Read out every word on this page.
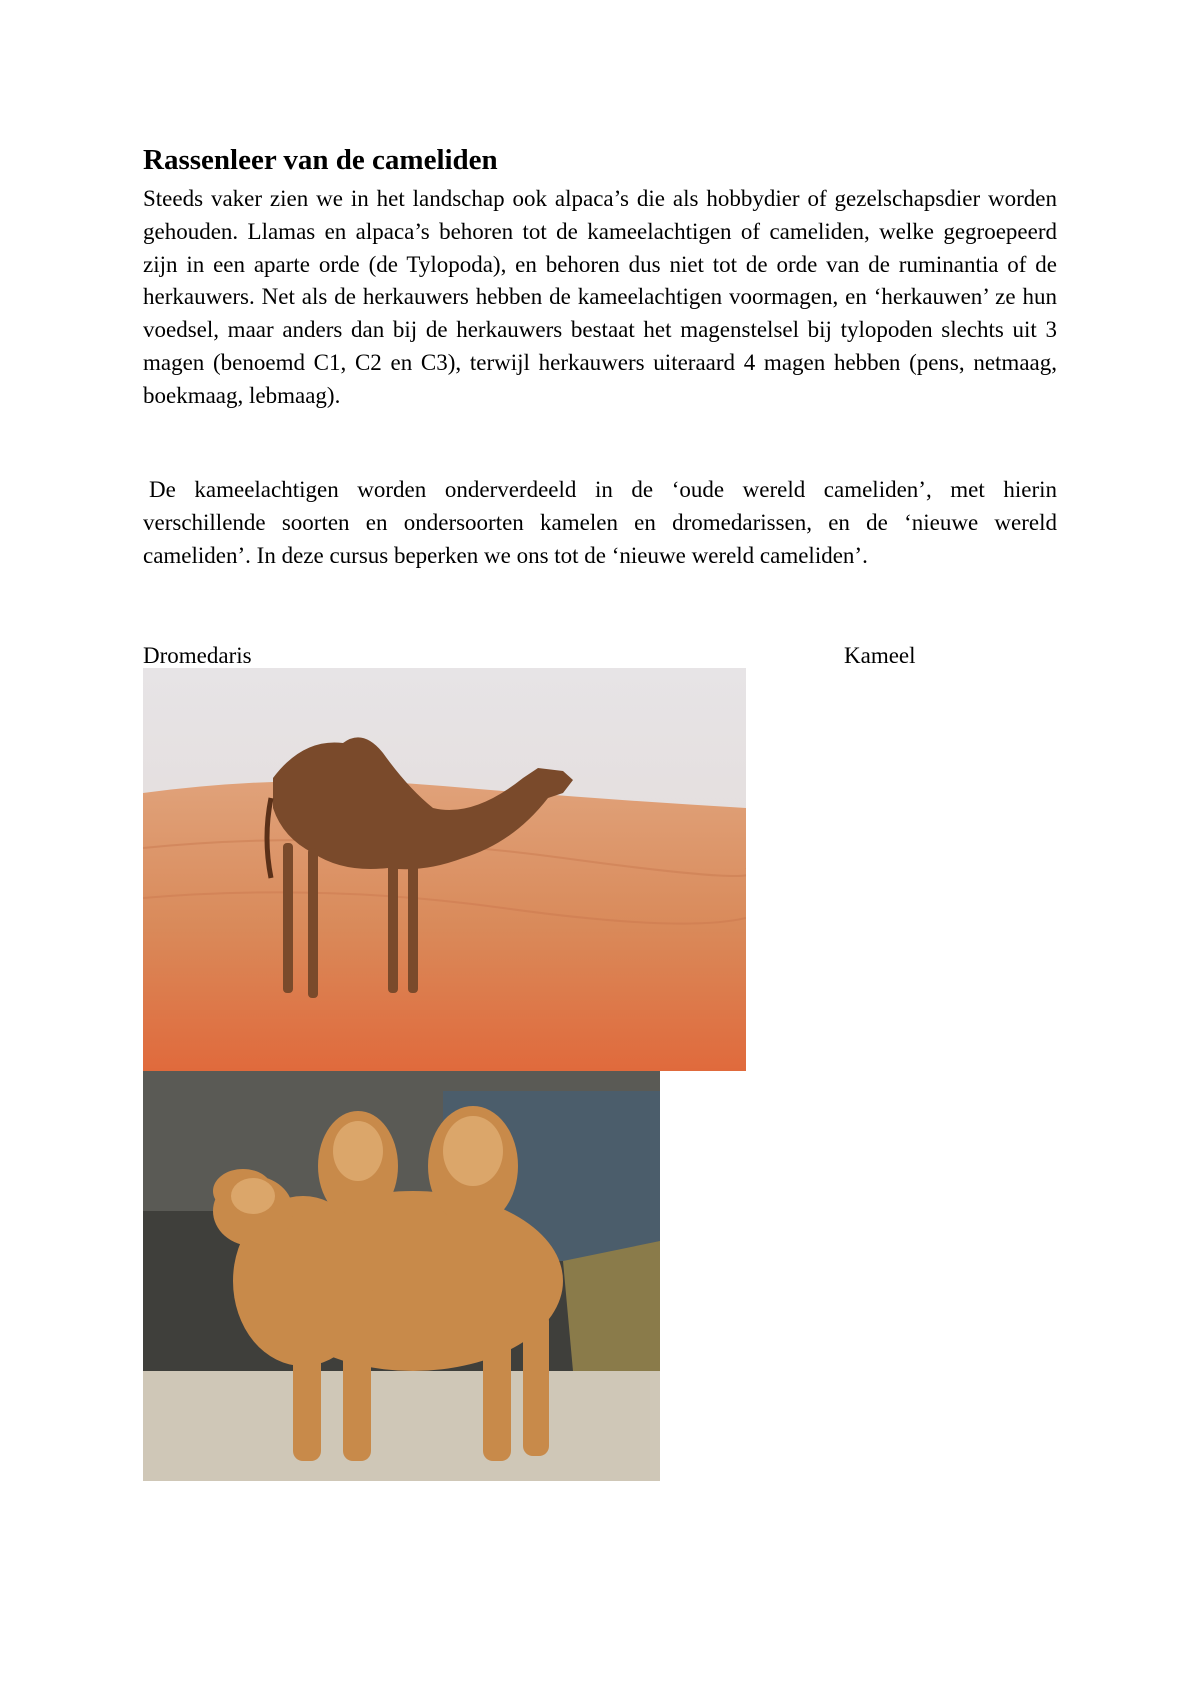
Rassenleer van de cameliden
Steeds vaker zien we in het landschap ook alpaca’s die als hobbydier of gezelschapsdier worden gehouden. Llamas en alpaca’s behoren tot de kameelachtigen of cameliden, welke gegroepeerd zijn in een aparte orde (de Tylopoda), en behoren dus niet tot de orde van de ruminantia of de herkauwers. Net als de herkauwers hebben de kameelachtigen voormagen, en ‘herkauwen’ ze hun voedsel, maar anders dan bij de herkauwers bestaat het magenstelsel bij tylopoden slechts uit 3 magen (benoemd C1, C2 en C3), terwijl herkauwers uiteraard 4 magen hebben (pens, netmaag, boekmaag, lebmaag).
De kameelachtigen worden onderverdeeld in de ‘oude wereld cameliden’, met hierin verschillende soorten en ondersoorten kamelen en dromedarissen, en de ‘nieuwe wereld cameliden’. In deze cursus beperken we ons tot de ‘nieuwe wereld cameliden’.
Dromedaris	Kameel
